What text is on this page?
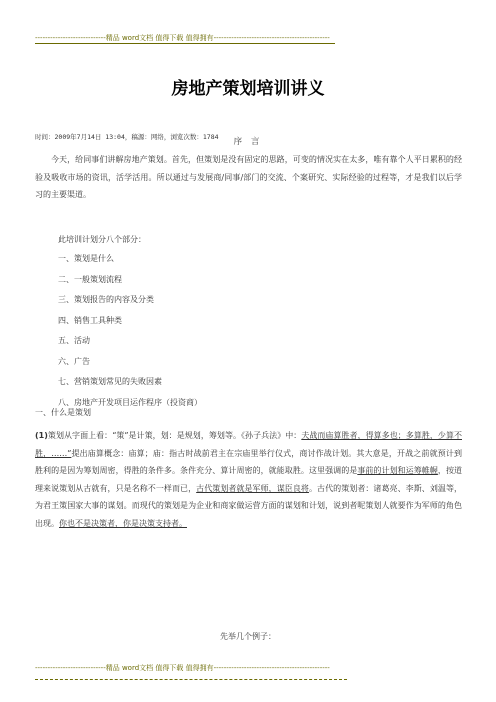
----------------------------精品 word文档 值得下载 值得拥有----------------------------------------------
房地产策划培训讲义
时间：2009年7月14日 13:04，稿源：网络，浏览次数：1784	序 言

今天，给同事们讲解房地产策划。首先，但策划是没有固定的思路，可变的情况实在太多，唯有靠个人平日累积的经验及吸收市场的资讯，活学活用。所以通过与发展商/同事/部门的交流、个案研究、实际经验的过程等，才是我们以后学习的主要渠道。

此培训计划分八个部分：

一、策划是什么
二、一般策划流程
三、策划报告的内容及分类
四、销售工具种类
五、活动
六、广告
七、营销策划常见的失败因素
八、房地产开发项目运作程序（投资商）
一、什么是策划

(1)策划从字面上看：“策”是计策，划：是规划，筹划等。《孙子兵法》中：夫战而庙算胜者，得算多也；多算胜，少算不胜，……”提出庙算概念：庙算；庙：指古时战前君主在宗庙里举行仪式，商讨作战计划。其大意是，开战之前就预计到胜利的是因为筹划周密，得胜的条件多。条件充分、算计周密的，就能取胜。这里强调的是事前的计划和运筹帷幄，按道理来说策划从古就有，只是名称不一样而已，古代策划者就是军师，谋臣良将。古代的策划者：诸葛亮、李斯、刘温等，为君王策国家大事的谋划。而现代的策划是为企业和商家做运营方面的谋划和计划，说到者呢策划人就要作为军师的角色出现。你也不是决策者，你是决策支持者。

先举几个例子：
----------------------------精品 word文档 值得下载 值得拥有----------------------------------------------
